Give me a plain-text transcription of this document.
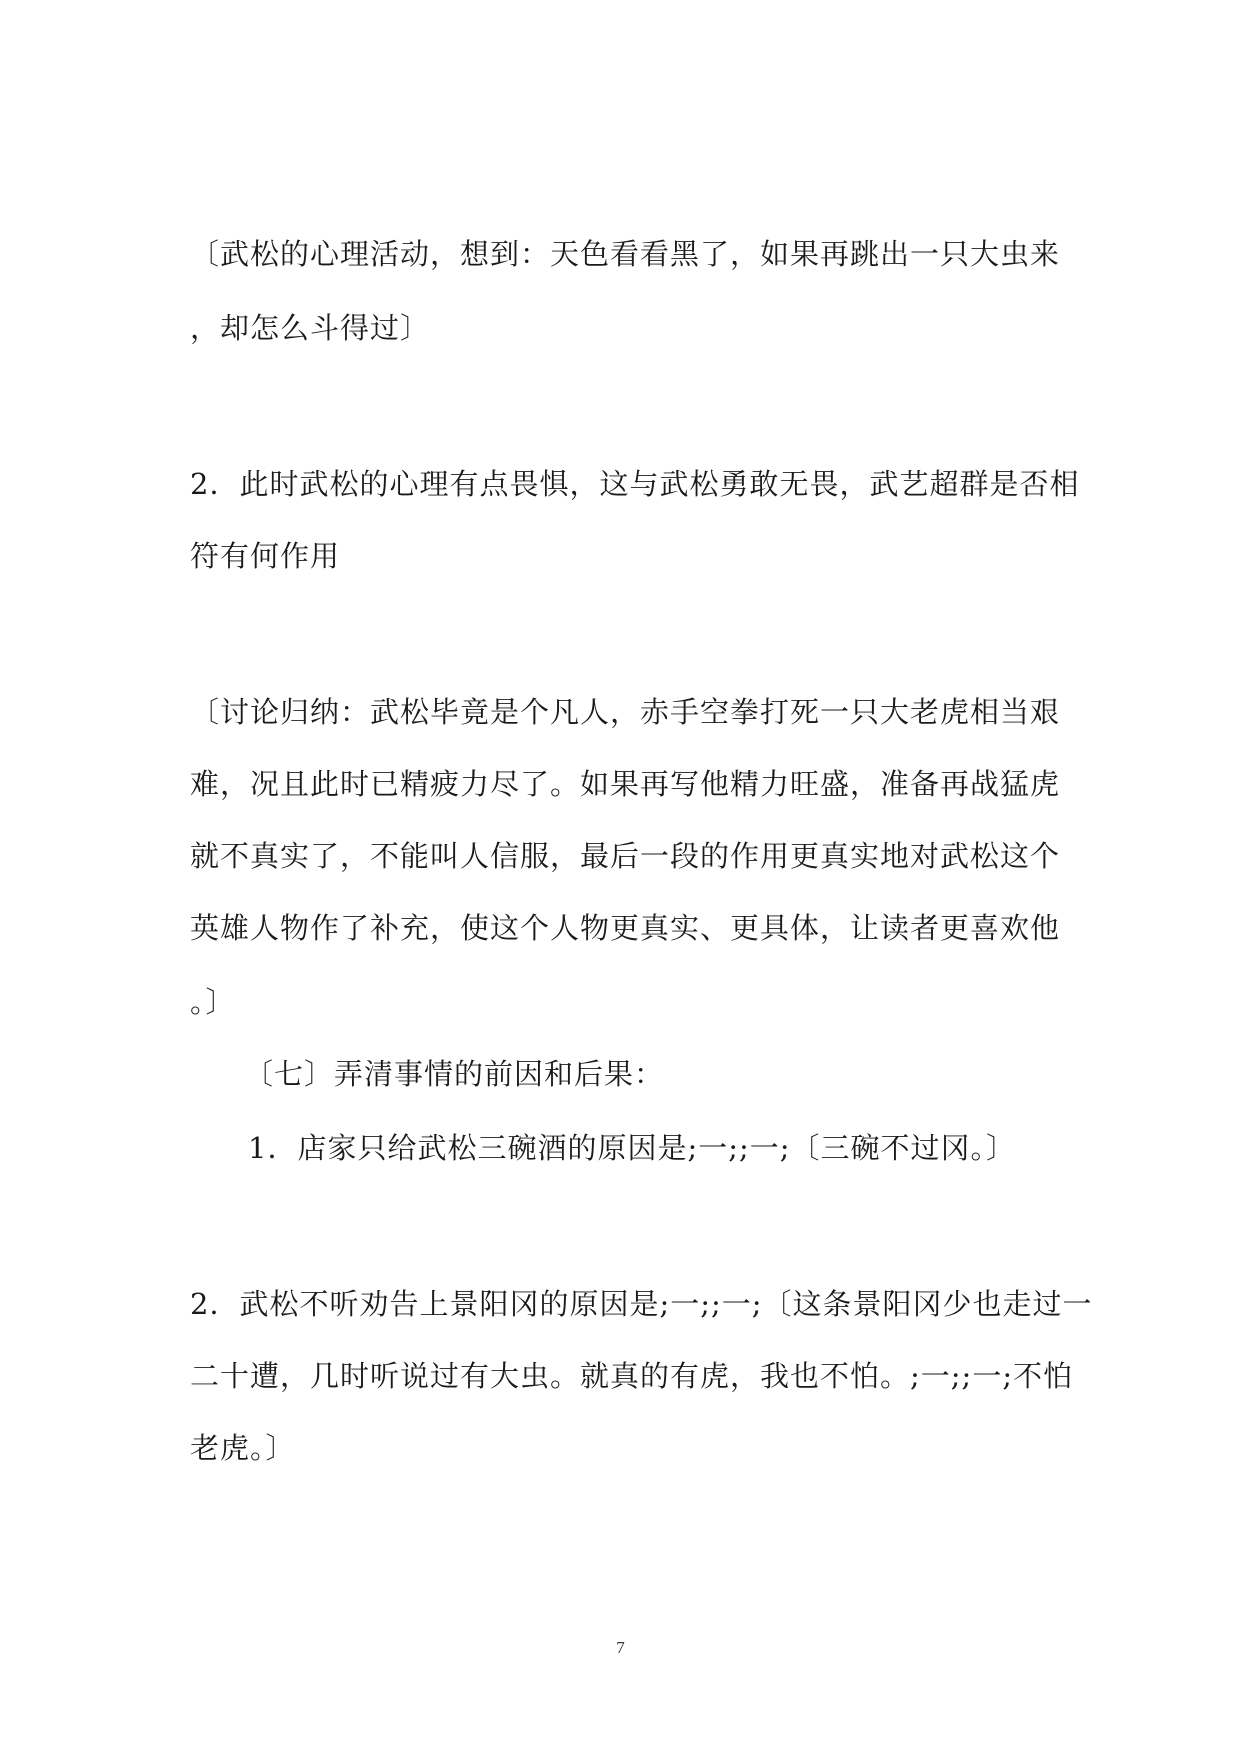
〔武松的心理活动，想到：天色看看黑了，如果再跳出一只大虫来
，却怎么斗得过〕
2．此时武松的心理有点畏惧，这与武松勇敢无畏，武艺超群是否相
符有何作用
〔讨论归纳：武松毕竟是个凡人，赤手空拳打死一只大老虎相当艰
难，况且此时已精疲力尽了。如果再写他精力旺盛，准备再战猛虎
就不真实了，不能叫人信服，最后一段的作用更真实地对武松这个
英雄人物作了补充，使这个人物更真实、更具体，让读者更喜欢他
。〕
〔七〕弄清事情的前因和后果：
1．店家只给武松三碗酒的原因是;一;;一;〔三碗不过冈。〕
2．武松不听劝告上景阳冈的原因是;一;;一;〔这条景阳冈少也走过一
二十遭，几时听说过有大虫。就真的有虎，我也不怕。;一;;一;不怕
老虎。〕
7
